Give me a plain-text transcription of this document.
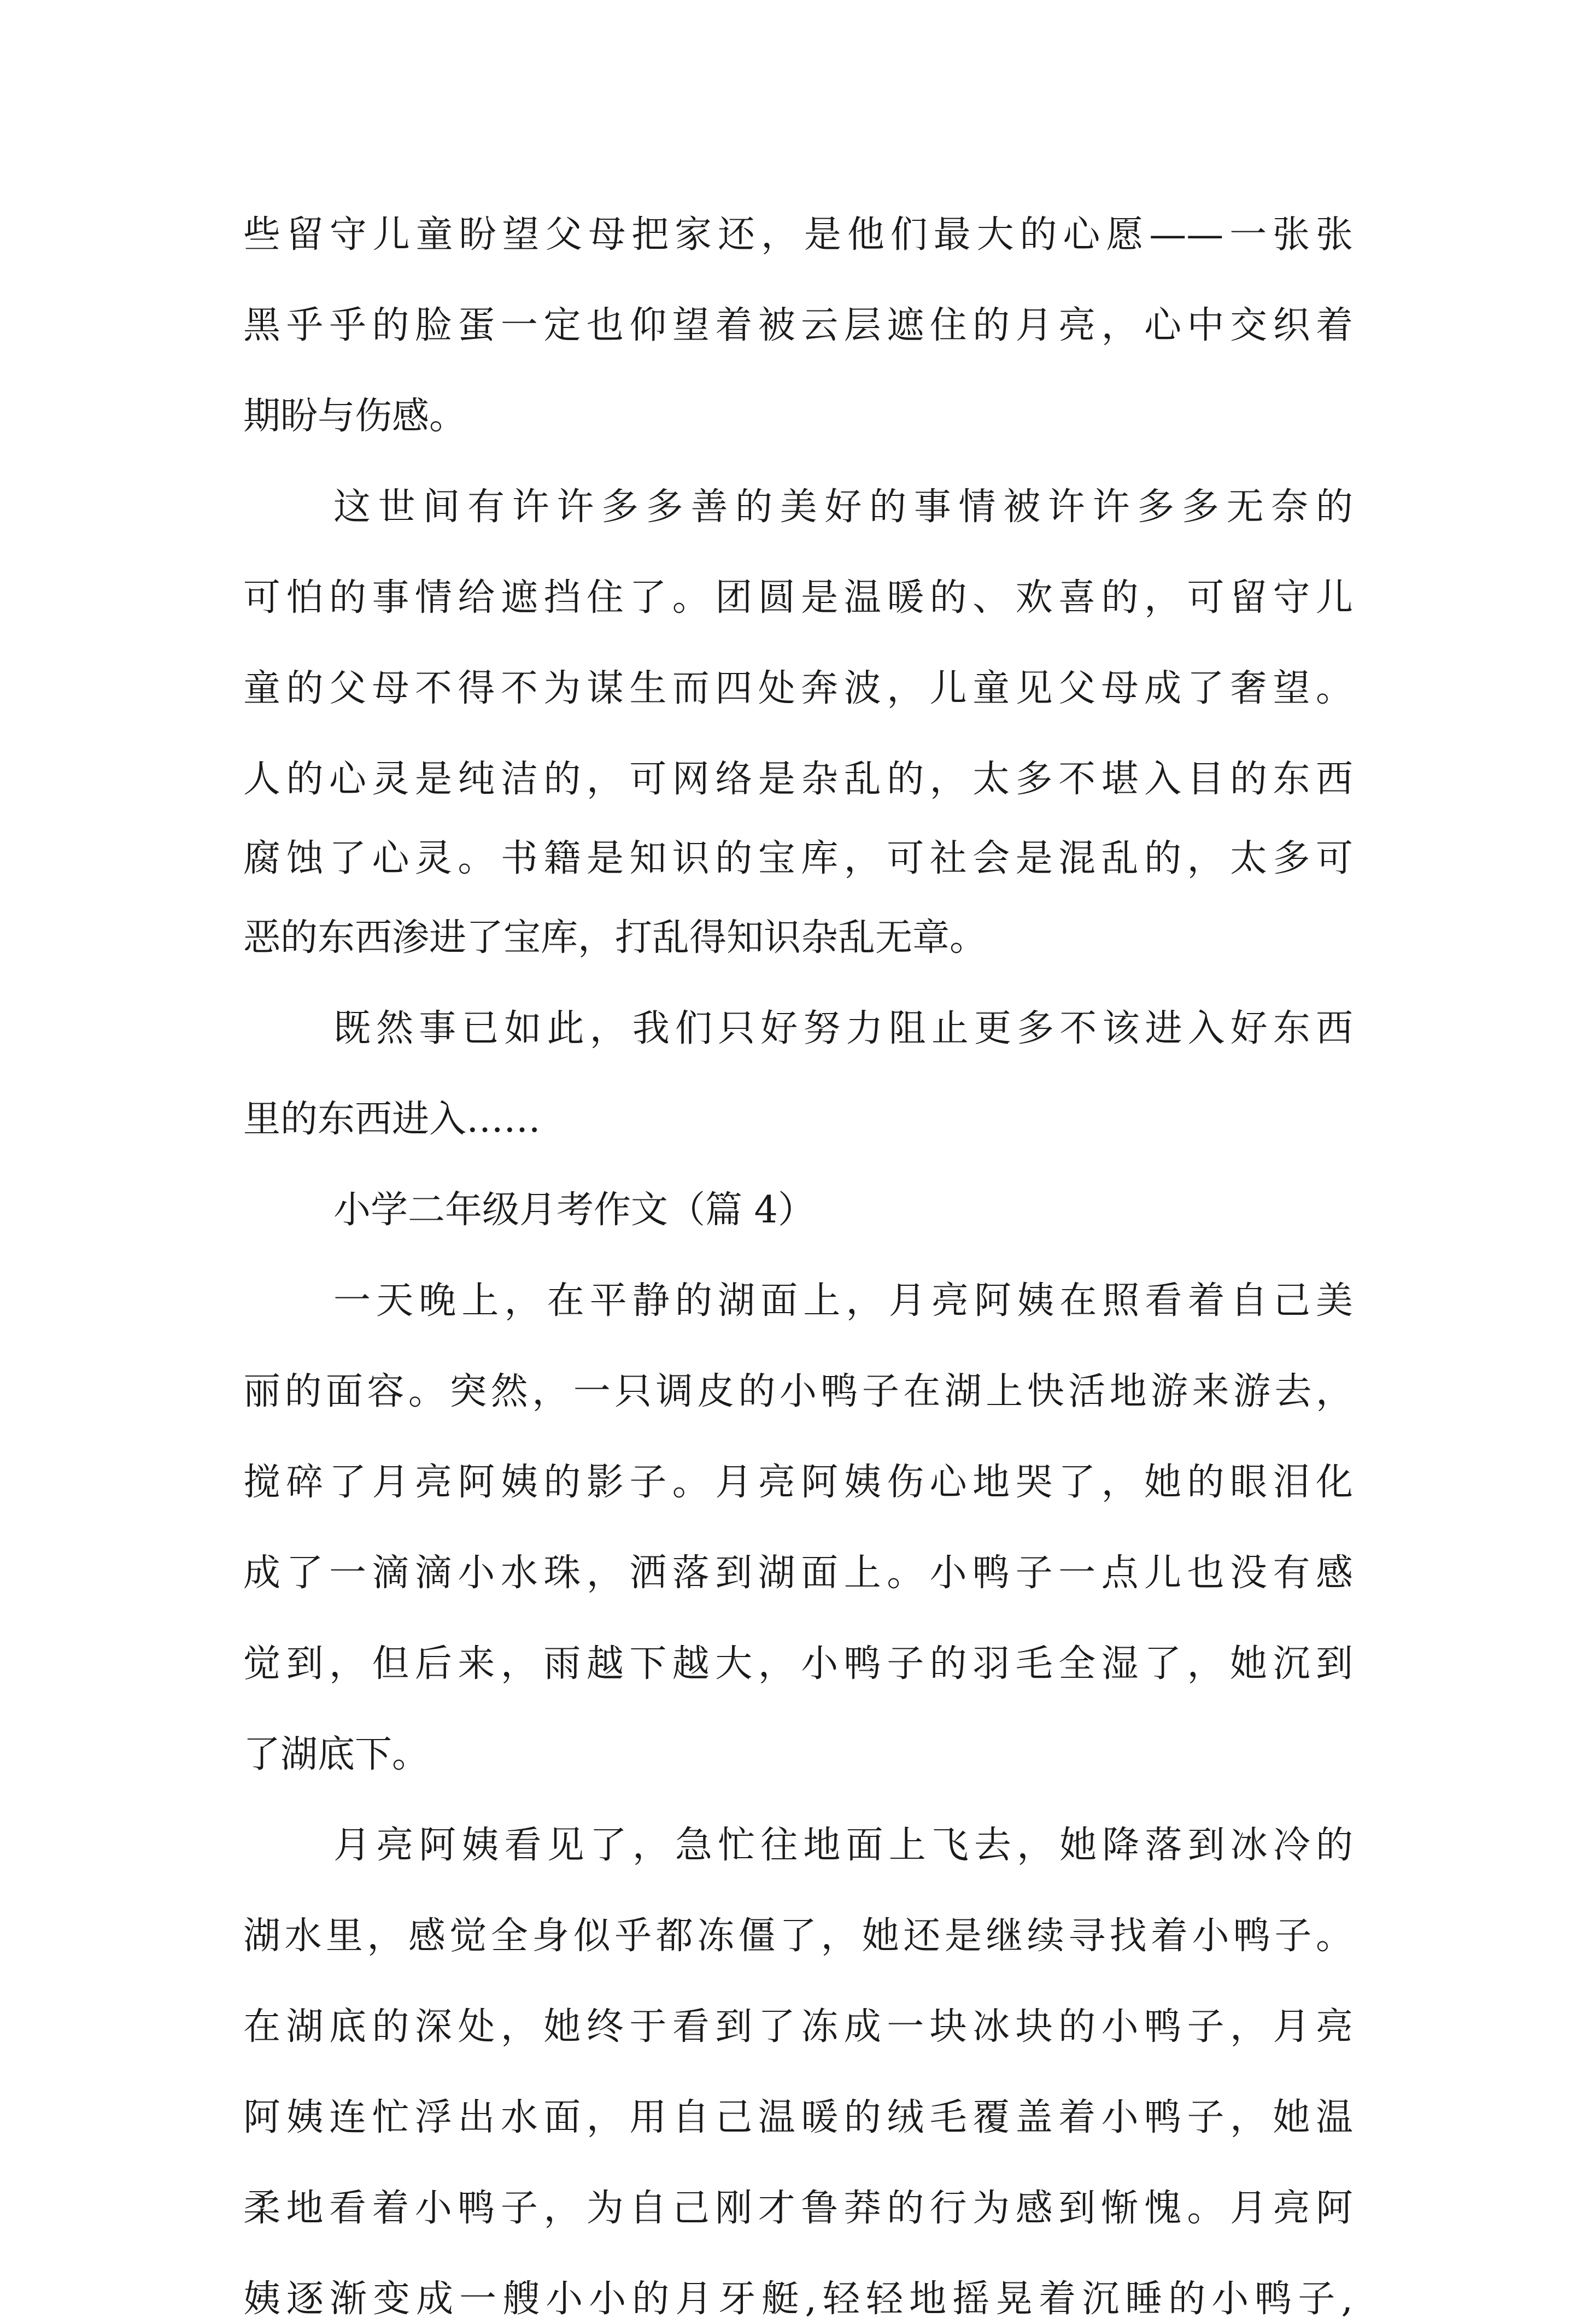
些留守儿童盼望父母把家还，是他们最大的心愿——一张张

黑乎乎的脸蛋一定也仰望着被云层遮住的月亮，心中交织着

期盼与伤感。

这世间有许许多多善的美好的事情被许许多多无奈的

可怕的事情给遮挡住了。团圆是温暖的、欢喜的，可留守儿

童的父母不得不为谋生而四处奔波，儿童见父母成了奢望。

人的心灵是纯洁的，可网络是杂乱的，太多不堪入目的东西

腐蚀了心灵。书籍是知识的宝库，可社会是混乱的，太多可

恶的东西渗进了宝库，打乱得知识杂乱无章。

既然事已如此，我们只好努力阻止更多不该进入好东西

里的东西进入……

小学二年级月考作文（篇 4）

一天晚上，在平静的湖面上，月亮阿姨在照看着自己美

丽的面容。突然，一只调皮的小鸭子在湖上快活地游来游去，

搅碎了月亮阿姨的影子。月亮阿姨伤心地哭了，她的眼泪化

成了一滴滴小水珠，洒落到湖面上。小鸭子一点儿也没有感

觉到，但后来，雨越下越大，小鸭子的羽毛全湿了，她沉到

了湖底下。

月亮阿姨看见了，急忙往地面上飞去，她降落到冰冷的

湖水里，感觉全身似乎都冻僵了，她还是继续寻找着小鸭子。

在湖底的深处，她终于看到了冻成一块冰块的小鸭子，月亮

阿姨连忙浮出水面，用自己温暖的绒毛覆盖着小鸭子，她温

柔地看着小鸭子，为自己刚才鲁莽的行为感到惭愧。月亮阿

姨逐渐变成一艘小小的月牙艇,轻轻地摇晃着沉睡的小鸭子,
